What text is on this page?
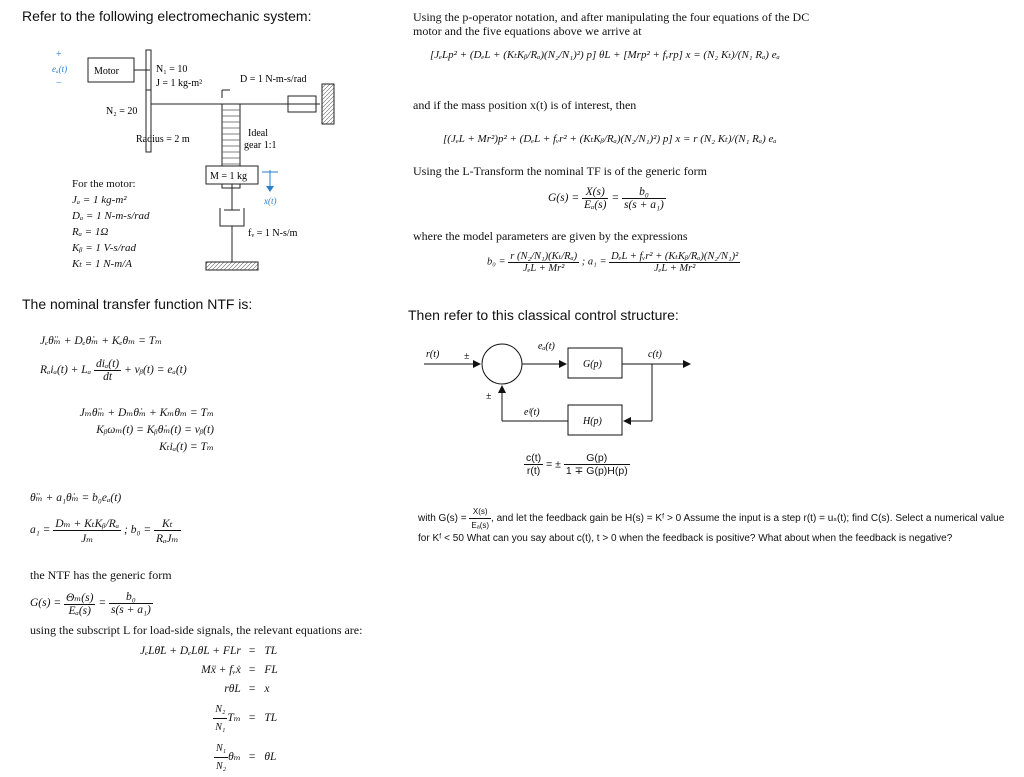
Refer to the following electromechanic system:
+
eₐ(t)
−
Motor	N₁ = 10
J = 1 kg-m²
N₂ = 20
D = 1 N-m-s/rad
Radius = 2 m
Ideal
gear 1:1
M = 1 kg
x(t)
fᵥ = 1 N-s/m
For the motor:
Jₐ = 1 kg-m²
Dₐ = 1 N-m-s/rad
Rₐ = 1Ω
Kᵦ = 1 V-s/rad
Kₜ = 1 N-m/A
The nominal transfer function NTF is:
Jₑθ̈ₘ + Dₑθ̇ₘ + Kₑθₘ = Tₘ
Rₐiₐ(t) + Lₐ $\frac{\text{diₐ(t)}}{dt}$ + vᵦ(t) = eₐ(t)
Jₘθ̈ₘ + Dₘθ̇ₘ + Kₘθₘ = Tₘ
Kᵦωₘ(t) = Kᵦθ̇ₘ(t) = vᵦ(t)
Kₜiₐ(t) = Tₘ
θ̈ₘ + a₁θ̇ₘ = b₀eₐ(t)
$a_1 = \frac{\text{Dₘ + KₜKᵦ/Rₐ}}{\text{Jₘ}}$ ; $b_0 = \frac{\text{Kₜ}}{\text{RₐJₘ}}$
the NTF has the generic form
$G(s) = \frac{\text{Θₘ(s)}}{\text{Eₐ(s)}} = \frac{\text{b₀}}{\text{s(s + a₁)}}$
using the subscript L for load-side signals, the relevant equations are:
JₑLθ̈L + DₑLθ̇L + FLr	=	TL
Mẍ + fᵥẋ	=	FL
rθL	=	x

$\frac{\text{N₂}}{\text{N₁}}$ Tₘ	=	TL

$\frac{\text{N₁}}{\text{N₂}}$ θₘ	=	θL
Using the p-operator notation, and after manipulating the four equations of the DC motor and the five equations above we arrive at
[JₑLp² + (DₑL + (KₜKᵦ/Rₐ)(N₂/N₁)²) p] θL + [Mrp² + fᵥrp] x = (N₂ Kₜ)/(N₁ Rₐ) eₐ
and if the mass position x(t) is of interest, then
[(JₑL + Mr²)p² + (DₑL + fᵥr² + (KₜKᵦ/Rₐ)(N₂/N₁)²) p] x = r (N₂ Kₜ)/(N₁ Rₐ) eₐ
Using the L-Transform the nominal TF is of the generic form
$G(s) = \frac{X(s)}{\text{Eₐ(s)}} = \frac{\text{b₀}}{\text{s(s + a₁)}}$
where the model parameters are given by the expressions
$b_0 = \frac{\text{r (N₂/N₁)(Kₜ/Rₐ)}}{\text{JₑL + Mr²}}$ ; $a_1 = \frac{\text{DₑL + fᵥr² + (KₜKᵦ/Rₐ)(N₂/N₁)²}}{\text{JₑL + Mr²}}$
Then refer to this classical control structure:
r(t) ±
eₐ(t)
G(p)
c(t)
H(p)
eᶠ(t)
±
$\frac{c(t)}{r(t)}$ = ± $\frac{G(p)}{1 \mp G(p)H(p)}$
with $G(s) = \frac{X(s)}{\text{Eₐ(s)}}$ , and let the feedback gain be H(s) = Kᶠ > 0 Assume the input is a step r(t) = uₛ(t); find C(s). Select a numerical value for Kᶠ < 50 What can you say about c(t), t > 0 when the feedback is positive? What about when the feedback is negative?
